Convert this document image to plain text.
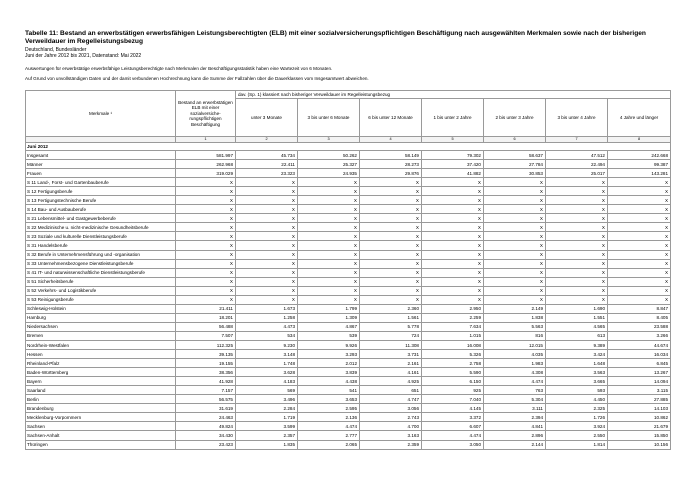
Tabelle 11: Bestand an erwerbstätigen erwerbsfähigen Leistungsberechtigten (ELB) mit einer sozialversicherungspflichtigen Beschäftigung nach ausgewählten Merkmalen sowie nach der bisherigen Verweildauer im Regelleistungsbezug
Deutschland, Bundesländer
Juni der Jahre 2012 bis 2021, Datenstand: Mai 2022
Auswertungen für erwerbstätige erwerbsfähige Leistungsberechtigte nach Merkmalen der Beschäftigungsstatistik haben eine Wartezeit von 6 Monaten.
Auf Grund von unvollständigen Daten und der damit verbundenen Hochrechnung kann die Summe der Fallzahlen über die Dauerklassen vom Insgesamtwert abweichen.
Merkmale ¹	Bestand an erwerbstätigen ELB mit einer sozialversiche-rungspflichtigen Beschäftigung	dav. (Sp. 1) klassiert nach bisheriger Verweildauer im Regelleistungsbezug						
		unter 3 Monate	3 bis unter 6 Monate	6 bis unter 12 Monate	1 bis unter 2 Jahre	2 bis unter 3 Jahre	3 bis unter 4 Jahre	4 Jahre und länger
	1	2	3	4	5	6	7	8
Juni 2012								
Insgesamt	581.997	45.734	50.262	58.149	79.302	58.637	47.512	242.668
Männer	262.968	22.411	25.327	28.273	37.420	27.784	22.494	99.387
Frauen	319.029	23.323	24.935	29.876	41.882	30.853	25.017	143.281
S 11 Land-, Forst- und Gartenbauberufe	X	X	X	X	X	X	X	X
S 12 Fertigungsberufe	X	X	X	X	X	X	X	X
S 13 Fertigungstechnische Berufe	X	X	X	X	X	X	X	X
S 14 Bau- und Ausbauberufe	X	X	X	X	X	X	X	X
S 21 Lebensmittel- und Gastgewerbeberufe	X	X	X	X	X	X	X	X
S 22 Medizinische u. nicht-medizinische Gesundheitsberufe	X	X	X	X	X	X	X	X
S 23 Soziale und kulturelle Dienstleistungsberufe	X	X	X	X	X	X	X	X
S 31 Handelsberufe	X	X	X	X	X	X	X	X
S 32 Berufe in Unternehmensführung und -organisation	X	X	X	X	X	X	X	X
S 33 Unternehmensbezogene Dienstleistungsberufe	X	X	X	X	X	X	X	X
S 41 IT- und naturwissenschaftliche Dienstleistungsberufe	X	X	X	X	X	X	X	X
S 51 Sicherheitsberufe	X	X	X	X	X	X	X	X
S 52 Verkehrs- und Logistikberufe	X	X	X	X	X	X	X	X
S 53 Reinigungsberufe	X	X	X	X	X	X	X	X
Schleswig-Holstein	21.411	1.673	1.799	2.360	2.950	2.149	1.690	8.847
Hamburg	18.201	1.258	1.309	1.561	2.259	1.838	1.551	8.405
Niedersachsen	56.488	4.473	4.867	5.778	7.634	5.563	4.565	23.588
Bremen	7.507	534	539	724	1.015	816	613	3.266
Nordrhein-Westfalen	112.325	9.230	9.926	11.308	16.008	12.015	9.389	44.674
Hessen	39.135	3.148	3.293	3.731	5.326	4.035	3.424	16.034
Rheinland-Pfalz	19.155	1.748	2.012	2.161	2.758	1.983	1.648	6.845
Baden-Württemberg	38.356	3.628	3.839	4.161	5.590	4.308	3.563	13.267
Bayern	41.928	4.183	4.438	4.925	6.150	4.474	3.665	14.094
Saarland	7.157	569	541	651	925	763	593	3.115
Berlin	56.575	3.496	3.653	4.747	7.040	5.304	4.450	27.885
Brandenburg	31.619	2.284	2.595	3.056	4.145	3.111	2.325	14.103
Mecklenburg-Vorpommern	24.463	1.719	2.136	2.743	3.372	2.394	1.726	10.862
Sachsen	49.824	3.599	4.474	4.700	6.607	4.841	3.924	21.679
Sachsen-Anhalt	34.430	2.357	2.777	3.163	4.474	2.896	2.550	15.850
Thüringen	23.423	1.835	2.065	2.359	3.050	2.144	1.814	10.156
